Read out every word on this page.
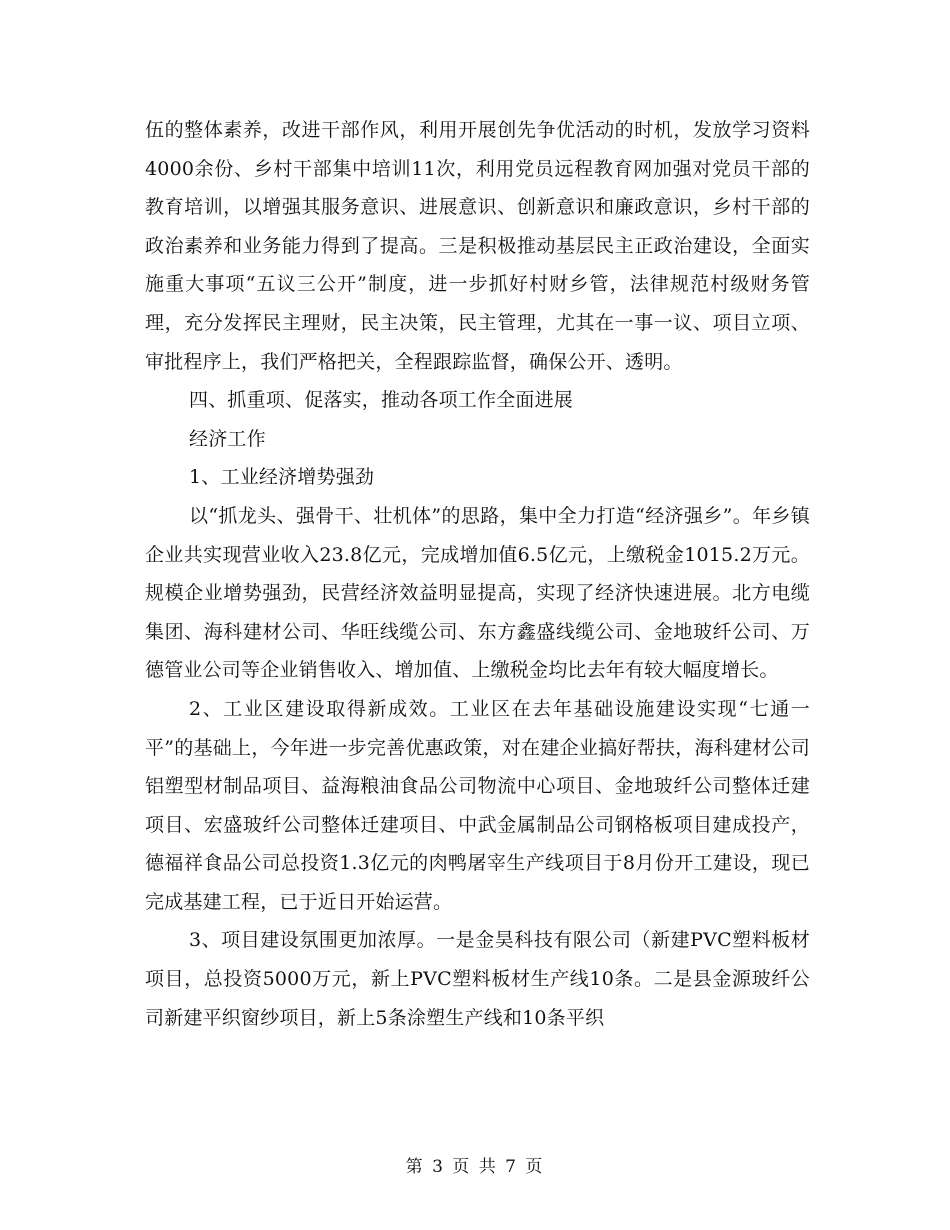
伍的整体素养，改进干部作风，利用开展创先争优活动的时机，发放学习资料4000余份、乡村干部集中培训11次，利用党员远程教育网加强对党员干部的教育培训，以增强其服务意识、进展意识、创新意识和廉政意识，乡村干部的政治素养和业务能力得到了提高。三是积极推动基层民主正政治建设，全面实施重大事项“五议三公开”制度，进一步抓好村财乡管，法律规范村级财务管理，充分发挥民主理财，民主决策，民主管理，尤其在一事一议、项目立项、审批程序上，我们严格把关，全程跟踪监督，确保公开、透明。

四、抓重项、促落实，推动各项工作全面进展

经济工作

1、工业经济增势强劲

以“抓龙头、强骨干、壮机体”的思路，集中全力打造“经济强乡”。年乡镇企业共实现营业收入23.8亿元，完成增加值6.5亿元，上缴税金1015.2万元。规模企业增势强劲，民营经济效益明显提高，实现了经济快速进展。北方电缆集团、海科建材公司、华旺线缆公司、东方鑫盛线缆公司、金地玻纤公司、万德管业公司等企业销售收入、增加值、上缴税金均比去年有较大幅度增长。

2、工业区建设取得新成效。工业区在去年基础设施建设实现“七通一平”的基础上，今年进一步完善优惠政策，对在建企业搞好帮扶，海科建材公司铝塑型材制品项目、益海粮油食品公司物流中心项目、金地玻纤公司整体迁建项目、宏盛玻纤公司整体迁建项目、中武金属制品公司钢格板项目建成投产，德福祥食品公司总投资1.3亿元的肉鸭屠宰生产线项目于8月份开工建设，现已完成基建工程，已于近日开始运营。

3、项目建设氛围更加浓厚。一是金昊科技有限公司（新建PVC塑料板材项目，总投资5000万元，新上PVC塑料板材生产线10条。二是县金源玻纤公司新建平织窗纱项目，新上5条涂塑生产线和10条平织

第 3 页 共 7 页
